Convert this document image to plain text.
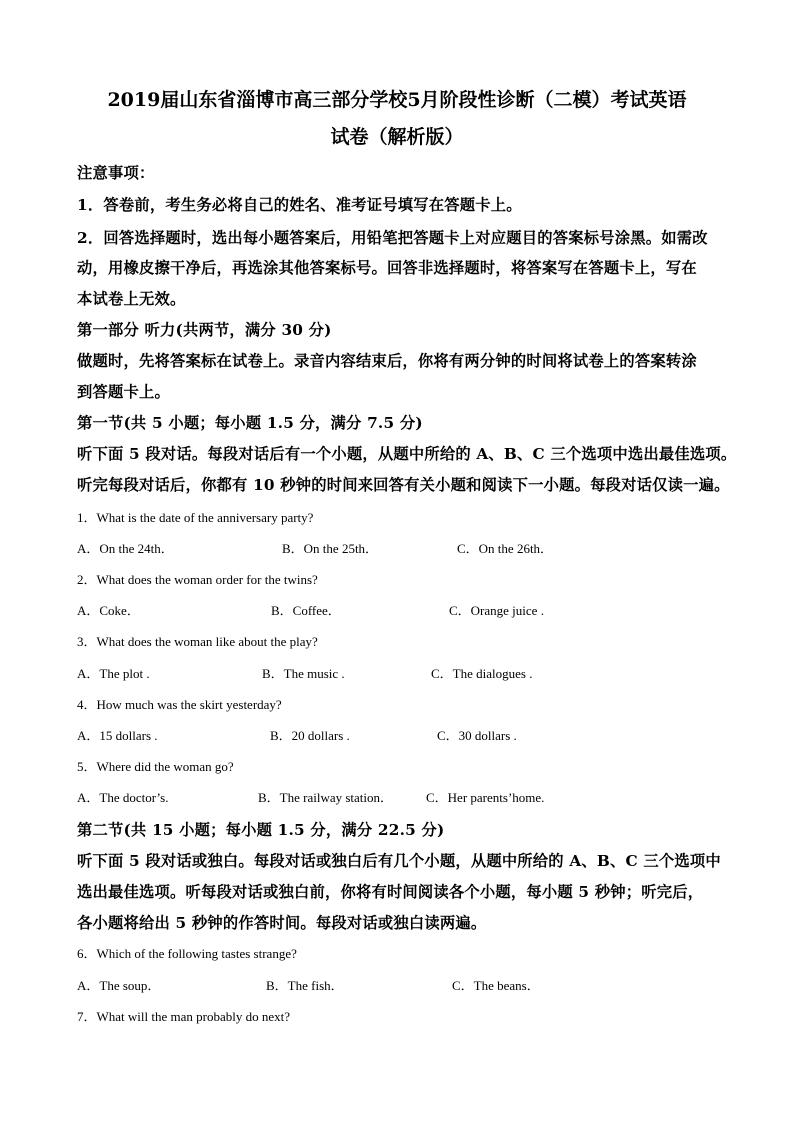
2019届山东省淄博市高三部分学校5月阶段性诊断（二模）考试英语
试卷（解析版）
注意事项：
1．答卷前，考生务必将自己的姓名、准考证号填写在答题卡上。
2．回答选择题时，选出每小题答案后，用铅笔把答题卡上对应题目的答案标号涂黑。如需改
动，用橡皮擦干净后，再选涂其他答案标号。回答非选择题时，将答案写在答题卡上，写在
本试卷上无效。
第一部分 听力(共两节，满分 30 分)
做题时，先将答案标在试卷上。录音内容结束后，你将有两分钟的时间将试卷上的答案转涂
到答题卡上。
第一节(共 5 小题；每小题 1.5 分，满分 7.5 分)
听下面 5 段对话。每段对话后有一个小题，从题中所给的 A、B、C 三个选项中选出最佳选项。
听完每段对话后，你都有 10 秒钟的时间来回答有关小题和阅读下一小题。每段对话仅读一遍。
1．What is the date of the anniversary party?
A．On the 24th．	B．On the 25th．	C．On the 26th．
2．What does the woman order for the twins?
A．Coke．	B．Coffee．	C．Orange juice .
3．What does the woman like about the play?
A．The plot .	B．The music .	C．The dialogues .
4．How much was the skirt yesterday?
A．15 dollars .	B．20 dollars .	C．30 dollars .
5．Where did the woman go?
A．The doctor’s.	B．The railway station．	C．Her parents’home.
第二节(共 15 小题；每小题 1.5 分，满分 22.5 分)
听下面 5 段对话或独白。每段对话或独白后有几个小题，从题中所给的 A、B、C 三个选项中
选出最佳选项。听每段对话或独白前，你将有时间阅读各个小题，每小题 5 秒钟；听完后，
各小题将给出 5 秒钟的作答时间。每段对话或独白读两遍。
6．Which of the following tastes strange?
A．The soup．	B．The fish．	C．The beans．
7．What will the man probably do next?
